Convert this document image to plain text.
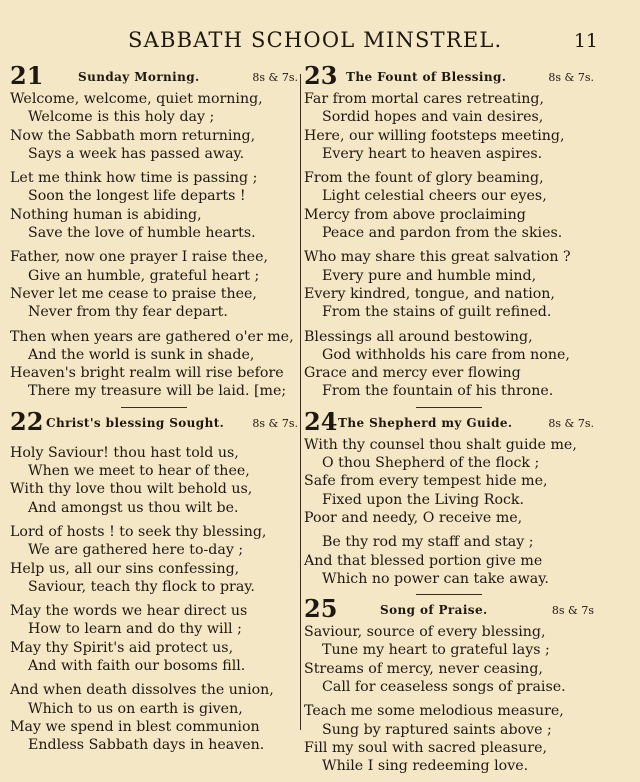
SABBATH SCHOOL MINSTREL.	11
21	Sunday Morning.	8s & 7s.
Welcome, welcome, quiet morning,
Welcome is this holy day ;
Now the Sabbath morn returning,
Says a week has passed away.
Let me think how time is passing ;
Soon the longest life departs !
Nothing human is abiding,
Save the love of humble hearts.
Father, now one prayer I raise thee,
Give an humble, grateful heart ;
Never let me cease to praise thee,
Never from thy fear depart.
Then when years are gathered o'er me,
And the world is sunk in shade,
Heaven's bright realm will rise before
There my treasure will be laid. [me;
22 Christ's blessing Sought.	8s & 7s.
Holy Saviour! thou hast told us,
When we meet to hear of thee,
With thy love thou wilt behold us,
And amongst us thou wilt be.
Lord of hosts ! to seek thy blessing,
We are gathered here to-day ;
Help us, all our sins confessing,
Saviour, teach thy flock to pray.
May the words we hear direct us
How to learn and do thy will ;
May thy Spirit's aid protect us,
And with faith our bosoms fill.
And when death dissolves the union,
Which to us on earth is given,
May we spend in blest communion
Endless Sabbath days in heaven.
23 The Fount of Blessing.	8s & 7s.
Far from mortal cares retreating,
Sordid hopes and vain desires,
Here, our willing footsteps meeting,
Every heart to heaven aspires.
From the fount of glory beaming,
Light celestial cheers our eyes,
Mercy from above proclaiming
Peace and pardon from the skies.
Who may share this great salvation ?
Every pure and humble mind,
Every kindred, tongue, and nation,
From the stains of guilt refined.
Blessings all around bestowing,
God withholds his care from none,
Grace and mercy ever flowing
From the fountain of his throne.
24 The Shepherd my Guide.	8s & 7s.
With thy counsel thou shalt guide me,
O thou Shepherd of the flock ;
Safe from every tempest hide me,
Fixed upon the Living Rock.
Poor and needy, O receive me,
Be thy rod my staff and stay ;
And that blessed portion give me
Which no power can take away.
25	Song of Praise.	8s & 7s
Saviour, source of every blessing,
Tune my heart to grateful lays ;
Streams of mercy, never ceasing,
Call for ceaseless songs of praise.
Teach me some melodious measure,
Sung by raptured saints above ;
Fill my soul with sacred pleasure,
While I sing redeeming love.
